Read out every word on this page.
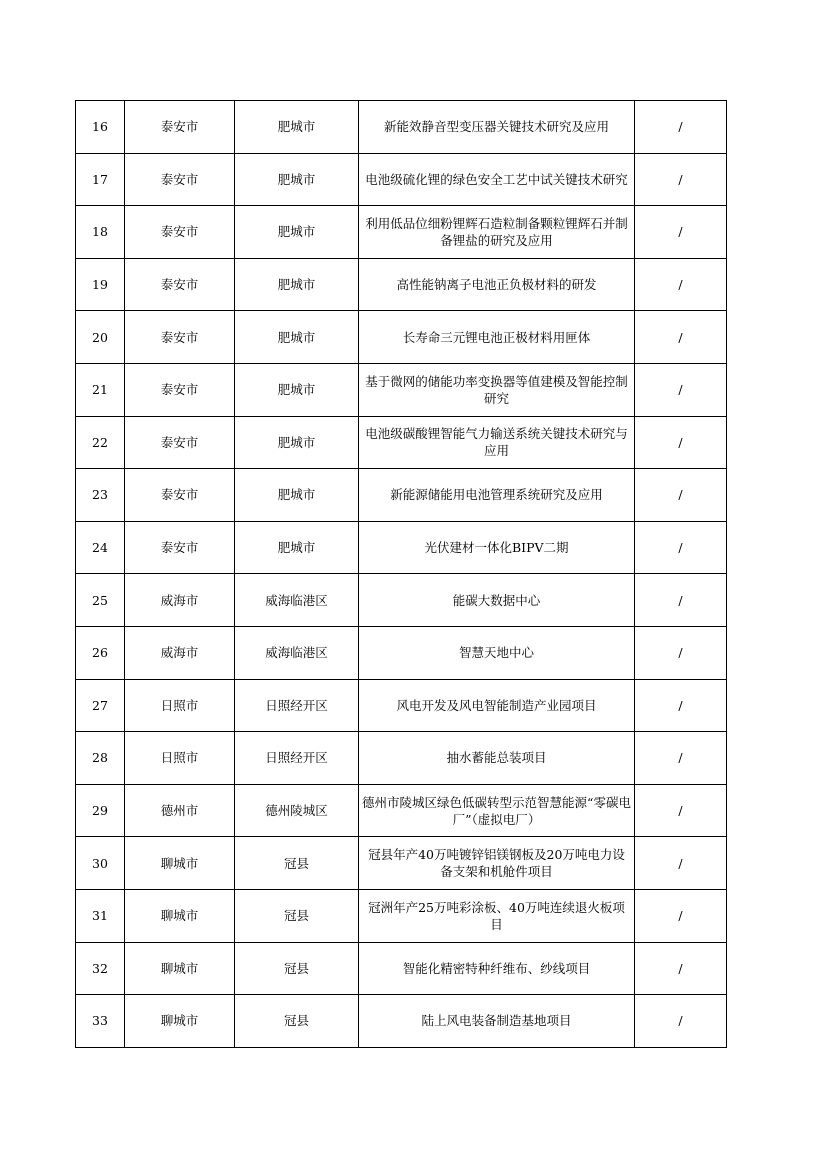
16	泰安市	肥城市	新能效静音型变压器关键技术研究及应用	/
17	泰安市	肥城市	电池级硫化锂的绿色安全工艺中试关键技术研究	/
18	泰安市	肥城市	利用低品位细粉锂辉石造粒制备颗粒锂辉石并制备锂盐的研究及应用	/
19	泰安市	肥城市	高性能钠离子电池正负极材料的研发	/
20	泰安市	肥城市	长寿命三元锂电池正极材料用匣体	/
21	泰安市	肥城市	基于微网的储能功率变换器等值建模及智能控制研究	/
22	泰安市	肥城市	电池级碳酸锂智能气力输送系统关键技术研究与应用	/
23	泰安市	肥城市	新能源储能用电池管理系统研究及应用	/
24	泰安市	肥城市	光伏建材一体化BIPV二期	/
25	威海市	威海临港区	能碳大数据中心	/
26	威海市	威海临港区	智慧天地中心	/
27	日照市	日照经开区	风电开发及风电智能制造产业园项目	/
28	日照市	日照经开区	抽水蓄能总装项目	/
29	德州市	德州陵城区	德州市陵城区绿色低碳转型示范智慧能源“零碳电厂”（虚拟电厂）	/
30	聊城市	冠县	冠县年产40万吨镀锌铝镁钢板及20万吨电力设备支架和机舱件项目	/
31	聊城市	冠县	冠洲年产25万吨彩涂板、40万吨连续退火板项目	/
32	聊城市	冠县	智能化精密特种纤维布、纱线项目	/
33	聊城市	冠县	陆上风电装备制造基地项目	/
